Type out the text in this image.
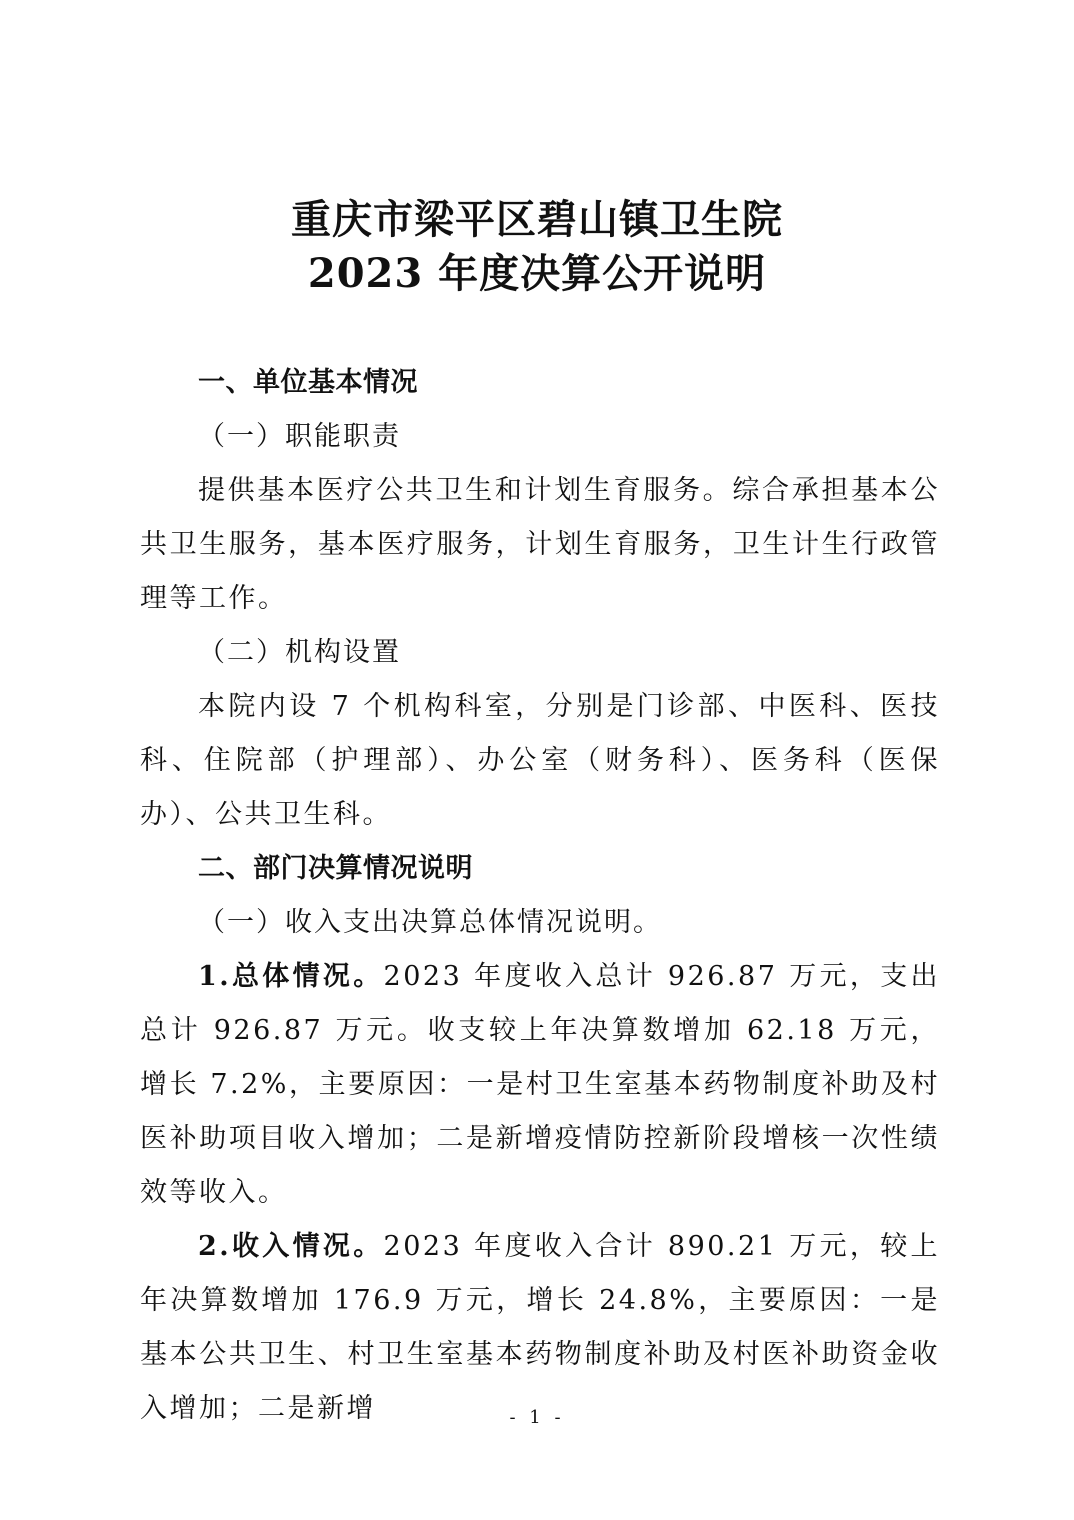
重庆市梁平区碧山镇卫生院
2023 年度决算公开说明

一、单位基本情况

（一）职能职责

提供基本医疗公共卫生和计划生育服务。综合承担基本公共卫生服务，基本医疗服务，计划生育服务，卫生计生行政管理等工作。

（二）机构设置

本院内设 7 个机构科室，分别是门诊部、中医科、医技科、住院部（护理部）、办公室（财务科）、医务科（医保办）、公共卫生科。

二、部门决算情况说明

（一）收入支出决算总体情况说明。

1.总体情况。2023 年度收入总计 926.87 万元，支出总计 926.87 万元。收支较上年决算数增加 62.18 万元，增长 7.2%，主要原因：一是村卫生室基本药物制度补助及村医补助项目收入增加；二是新增疫情防控新阶段增核一次性绩效等收入。

2.收入情况。2023 年度收入合计 890.21 万元，较上年决算数增加 176.9 万元，增长 24.8%，主要原因：一是基本公共卫生、村卫生室基本药物制度补助及村医补助资金收入增加；二是新增	- 1 -
